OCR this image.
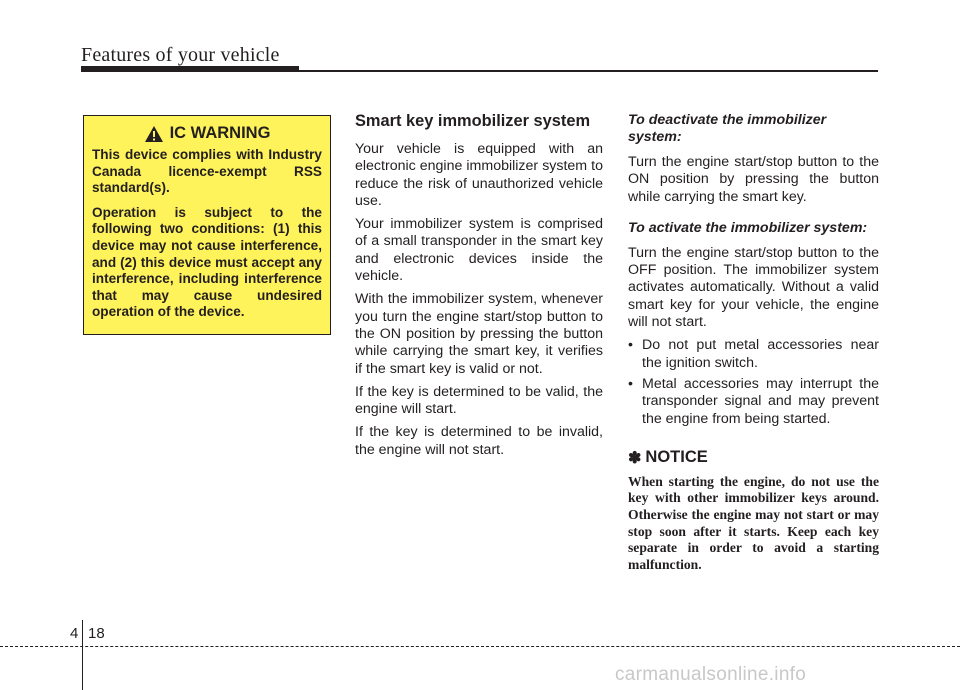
Features of your vehicle
IC WARNING

This device complies with Industry Canada licence-exempt RSS standard(s).

Operation is subject to the following two conditions: (1) this device may not cause interference, and (2) this device must accept any interference, including interference that may cause undesired operation of the device.

Smart key immobilizer system

Your vehicle is equipped with an electronic engine immobilizer system to reduce the risk of unauthorized vehicle use.

Your immobilizer system is comprised of a small transponder in the smart key and electronic devices inside the vehicle.

With the immobilizer system, whenever you turn the engine start/stop button to the ON position by pressing the button while carrying the smart key, it verifies if the smart key is valid or not.

If the key is determined to be valid, the engine will start.

If the key is determined to be invalid, the engine will not start.

To deactivate the immobilizer system:

Turn the engine start/stop button to the ON position by pressing the button while carrying the smart key.

To activate the immobilizer system:

Turn the engine start/stop button to the OFF position. The immobilizer system activates automatically. Without a valid smart key for your vehicle, the engine will not start.

• Do not put metal accessories near the ignition switch.
• Metal accessories may interrupt the transponder signal and may prevent the engine from being started.
✽ NOTICE

When starting the engine, do not use the key with other immobilizer keys around. Otherwise the engine may not start or may stop soon after it starts. Keep each key separate in order to avoid a starting malfunction.

4 18
carmanualsonline.info
